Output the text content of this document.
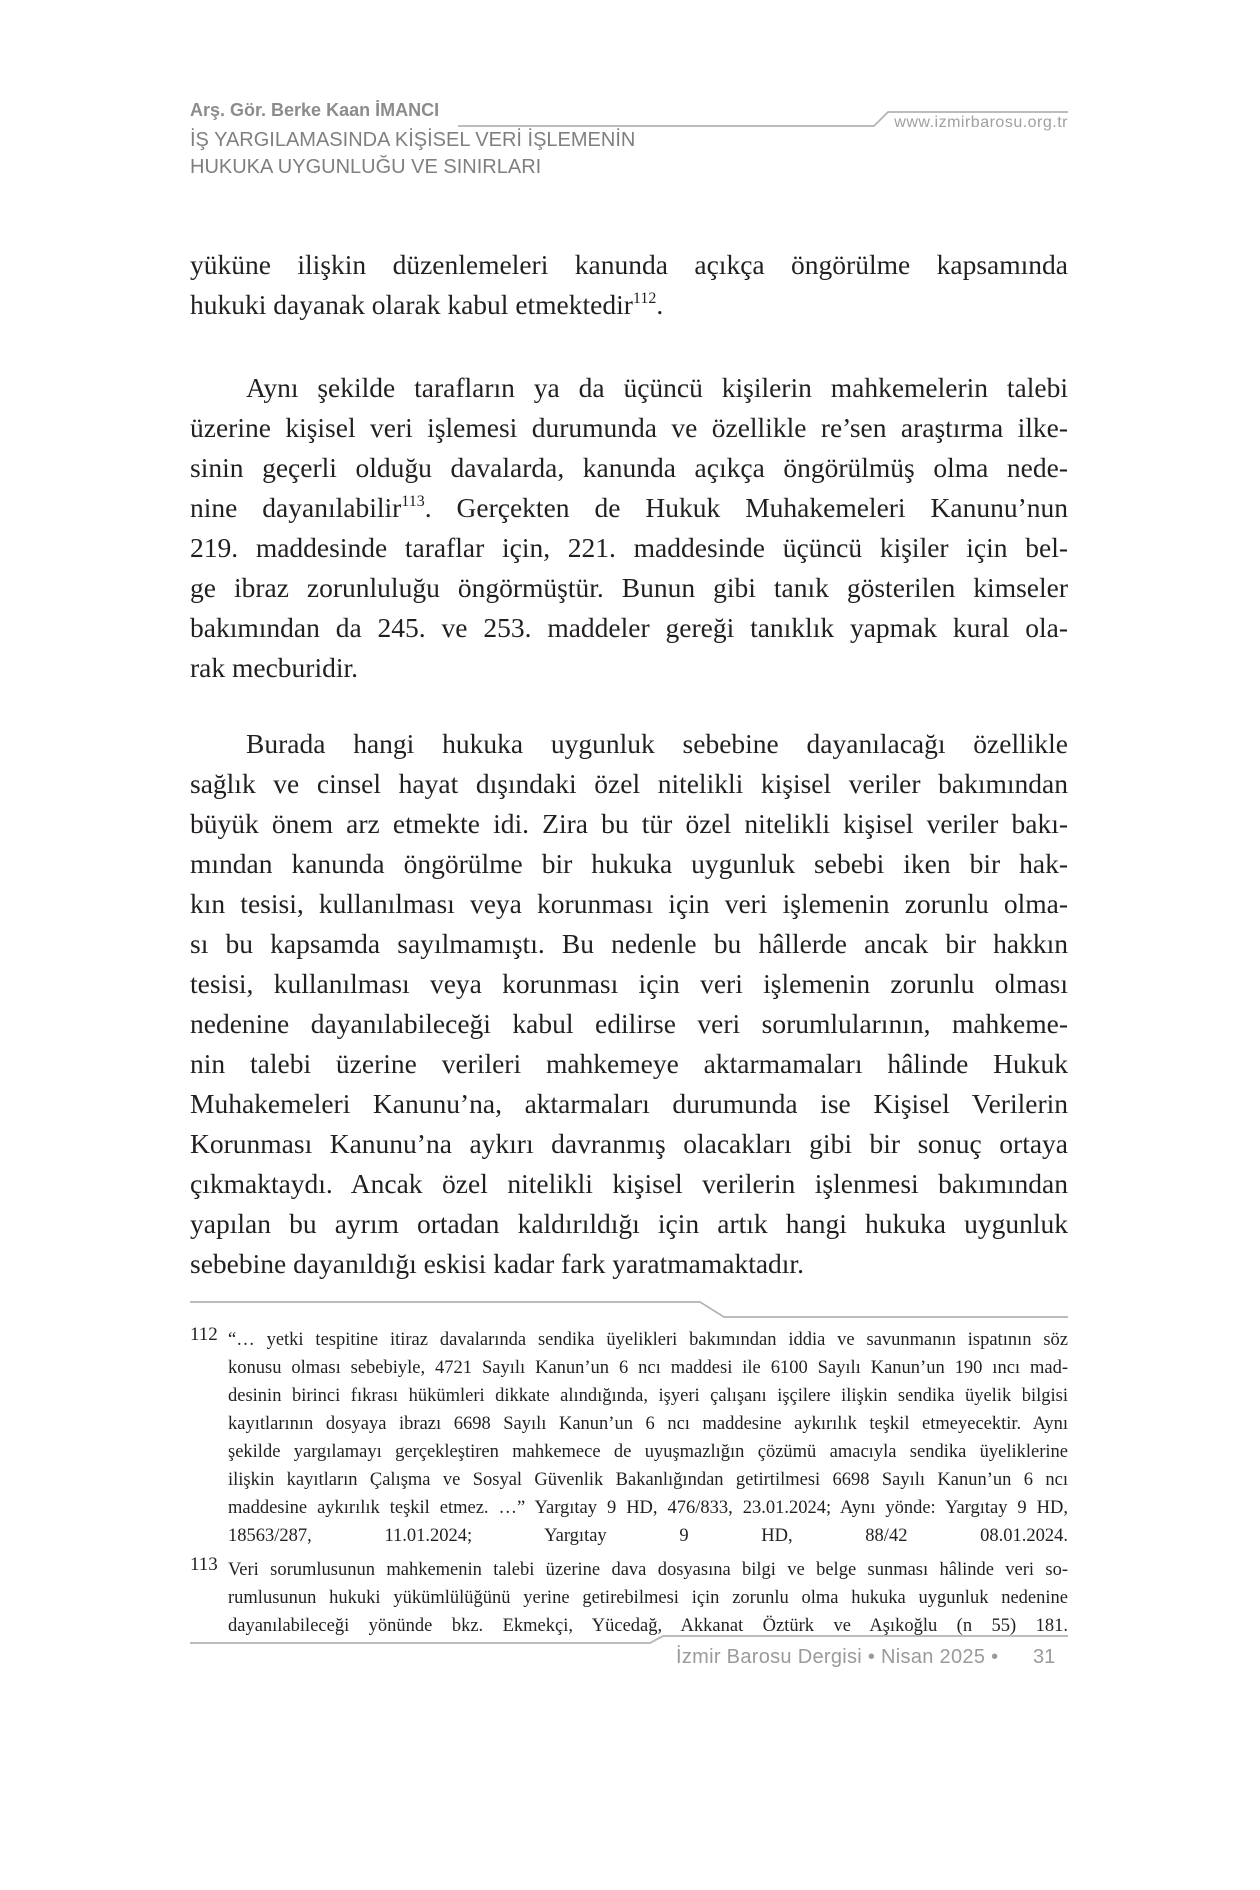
Arş. Gör. Berke Kaan İMANCI
İŞ YARGILAMASINDA KİŞİSEL VERİ İŞLEMENİN
HUKUKA UYGUNLUĞU VE SINIRLARI
www.izmirbarosu.org.tr
yüküne ilişkin düzenlemeleri kanunda açıkça öngörülme kapsamında
hukuki dayanak olarak kabul etmektedir$^{112}$.
Aynı şekilde tarafların ya da üçüncü kişilerin mahkemelerin talebi
üzerine kişisel veri işlemesi durumunda ve özellikle re’sen araştırma ilke-
sinin geçerli olduğu davalarda, kanunda açıkça öngörülmüş olma nede-
nine dayanılabilir$^{113}$. Gerçekten de Hukuk Muhakemeleri Kanunu’nun
219. maddesinde taraflar için, 221. maddesinde üçüncü kişiler için bel-
ge ibraz zorunluluğu öngörmüştür. Bunun gibi tanık gösterilen kimseler
bakımından da 245. ve 253. maddeler gereği tanıklık yapmak kural ola-
rak mecburidir.
Burada hangi hukuka uygunluk sebebine dayanılacağı özellikle
sağlık ve cinsel hayat dışındaki özel nitelikli kişisel veriler bakımından
büyük önem arz etmekte idi. Zira bu tür özel nitelikli kişisel veriler bakı-
mından kanunda öngörülme bir hukuka uygunluk sebebi iken bir hak-
kın tesisi, kullanılması veya korunması için veri işlemenin zorunlu olma-
sı bu kapsamda sayılmamıştı. Bu nedenle bu hâllerde ancak bir hakkın
tesisi, kullanılması veya korunması için veri işlemenin zorunlu olması
nedenine dayanılabileceği kabul edilirse veri sorumlularının, mahkeme-
nin talebi üzerine verileri mahkemeye aktarmamaları hâlinde Hukuk
Muhakemeleri Kanunu’na, aktarmaları durumunda ise Kişisel Verilerin
Korunması Kanunu’na aykırı davranmış olacakları gibi bir sonuç ortaya
çıkmaktaydı. Ancak özel nitelikli kişisel verilerin işlenmesi bakımından
yapılan bu ayrım ortadan kaldırıldığı için artık hangi hukuka uygunluk
sebebine dayanıldığı eskisi kadar fark yaratmamaktadır.
112 “… yetki tespitine itiraz davalarında sendika üyelikleri bakımından iddia ve savunmanın ispatının söz
konusu olması sebebiyle, 4721 Sayılı Kanun’un 6 ncı maddesi ile 6100 Sayılı Kanun’un 190 ıncı mad-
desinin birinci fıkrası hükümleri dikkate alındığında, işyeri çalışanı işçilere ilişkin sendika üyelik bilgisi
kayıtlarının dosyaya ibrazı 6698 Sayılı Kanun’un 6 ncı maddesine aykırılık teşkil etmeyecektir. Aynı
şekilde yargılamayı gerçekleştiren mahkemece de uyuşmazlığın çözümü amacıyla sendika üyeliklerine
ilişkin kayıtların Çalışma ve Sosyal Güvenlik Bakanlığından getirtilmesi 6698 Sayılı Kanun’un 6 ncı
maddesine aykırılık teşkil etmez. …” Yargıtay 9 HD, 476/833, 23.01.2024; Aynı yönde: Yargıtay 9 HD,
18563/287, 11.01.2024; Yargıtay 9 HD, 88/42 08.01.2024.
113 Veri sorumlusunun mahkemenin talebi üzerine dava dosyasına bilgi ve belge sunması hâlinde veri so-
rumlusunun hukuki yükümlülüğünü yerine getirebilmesi için zorunlu olma hukuka uygunluk nedenine
dayanılabileceği yönünde bkz. Ekmekçi, Yücedağ, Akkanat Öztürk ve Aşıkoğlu (n 55) 181.
İzmir Barosu Dergisi • Nisan 2025 • 31
